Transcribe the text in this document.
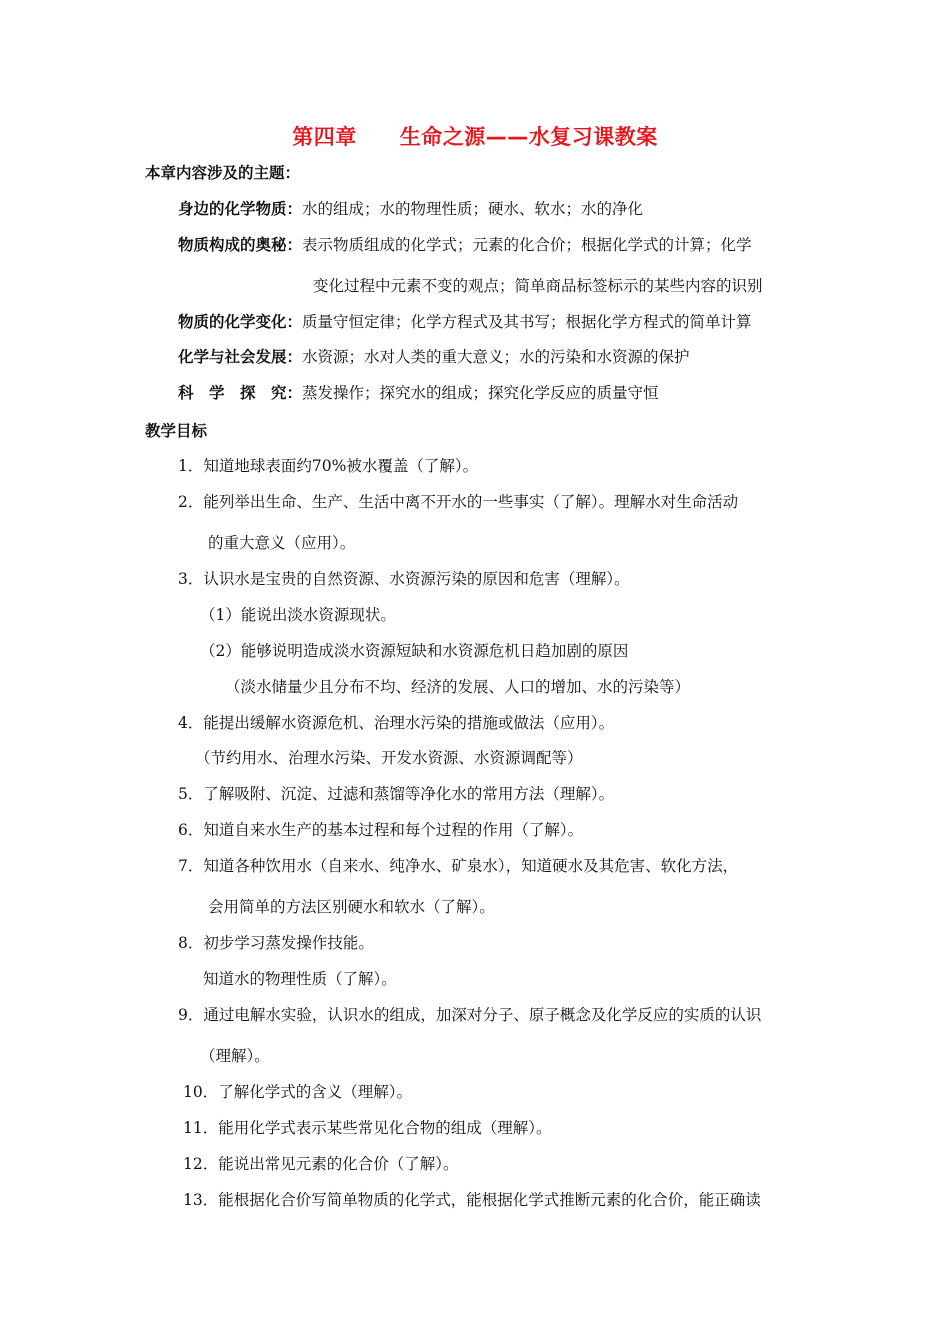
第四章　　生命之源——水复习课教案
本章内容涉及的主题：
身边的化学物质：水的组成；水的物理性质；硬水、软水；水的净化
物质构成的奥秘：表示物质组成的化学式；元素的化合价；根据化学式的计算；化学
变化过程中元素不变的观点；简单商品标签标示的某些内容的识别
物质的化学变化：质量守恒定律；化学方程式及其书写；根据化学方程式的简单计算
化学与社会发展：水资源；水对人类的重大意义；水的污染和水资源的保护
科　学　探　究：蒸发操作；探究水的组成；探究化学反应的质量守恒
教学目标
1．知道地球表面约70%被水覆盖（了解）。
2．能列举出生命、生产、生活中离不开水的一些事实（了解）。理解水对生命活动
的重大意义（应用）。
3．认识水是宝贵的自然资源、水资源污染的原因和危害（理解）。
（1）能说出淡水资源现状。
（2）能够说明造成淡水资源短缺和水资源危机日趋加剧的原因
（淡水储量少且分布不均、经济的发展、人口的增加、水的污染等）
4．能提出缓解水资源危机、治理水污染的措施或做法（应用）。
（节约用水、治理水污染、开发水资源、水资源调配等）
5．了解吸附、沉淀、过滤和蒸馏等净化水的常用方法（理解）。
6．知道自来水生产的基本过程和每个过程的作用（了解）。
7．知道各种饮用水（自来水、纯净水、矿泉水），知道硬水及其危害、软化方法，
会用简单的方法区别硬水和软水（了解）。
8．初步学习蒸发操作技能。
知道水的物理性质（了解）。
9．通过电解水实验，认识水的组成，加深对分子、原子概念及化学反应的实质的认识
（理解）。
10．了解化学式的含义（理解）。
11．能用化学式表示某些常见化合物的组成（理解）。
12．能说出常见元素的化合价（了解）。
13．能根据化合价写简单物质的化学式，能根据化学式推断元素的化合价，能正确读
